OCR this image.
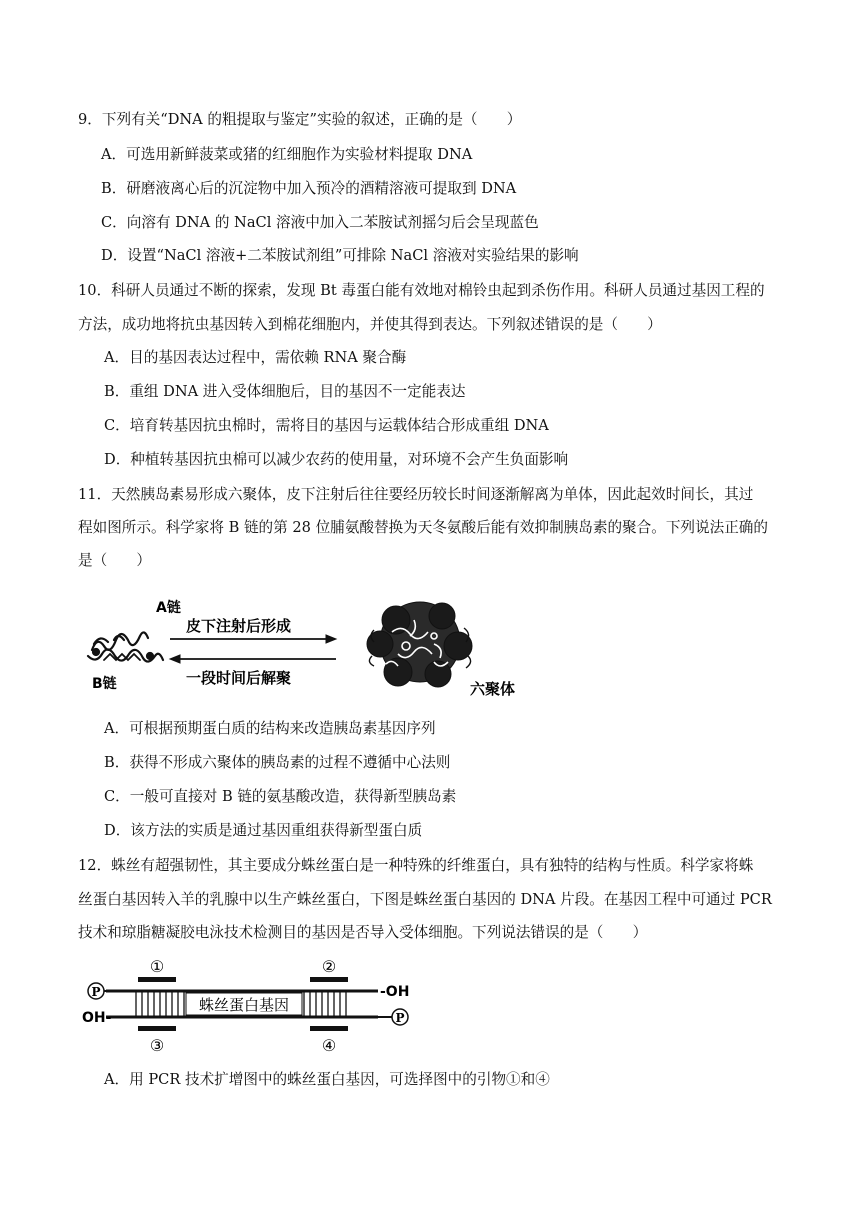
9．下列有关“DNA 的粗提取与鉴定”实验的叙述，正确的是（　　）
A．可选用新鲜菠菜或猪的红细胞作为实验材料提取 DNA
B．研磨液离心后的沉淀物中加入预冷的酒精溶液可提取到 DNA
C．向溶有 DNA 的 NaCl 溶液中加入二苯胺试剂摇匀后会呈现蓝色
D．设置“NaCl 溶液+二苯胺试剂组”可排除 NaCl 溶液对实验结果的影响
10．科研人员通过不断的探索，发现 Bt 毒蛋白能有效地对棉铃虫起到杀伤作用。科研人员通过基因工程的
方法，成功地将抗虫基因转入到棉花细胞内，并使其得到表达。下列叙述错误的是（　　）
A．目的基因表达过程中，需依赖 RNA 聚合酶
B．重组 DNA 进入受体细胞后，目的基因不一定能表达
C．培育转基因抗虫棉时，需将目的基因与运载体结合形成重组 DNA
D．种植转基因抗虫棉可以减少农药的使用量，对环境不会产生负面影响
11．天然胰岛素易形成六聚体，皮下注射后往往要经历较长时间逐渐解离为单体，因此起效时间长，其过
程如图所示。科学家将 B 链的第 28 位脯氨酸替换为天冬氨酸后能有效抑制胰岛素的聚合。下列说法正确的
是（　　）
A链
B链
皮下注射后形成
一段时间后解聚
六聚体
A．可根据预期蛋白质的结构来改造胰岛素基因序列
B．获得不形成六聚体的胰岛素的过程不遵循中心法则
C．一般可直接对 B 链的氨基酸改造，获得新型胰岛素
D．该方法的实质是通过基因重组获得新型蛋白质
12．蛛丝有超强韧性，其主要成分蛛丝蛋白是一种特殊的纤维蛋白，具有独特的结构与性质。科学家将蛛
丝蛋白基因转入羊的乳腺中以生产蛛丝蛋白，下图是蛛丝蛋白基因的 DNA 片段。在基因工程中可通过 PCR
技术和琼脂糖凝胶电泳技术检测目的基因是否导入受体细胞。下列说法错误的是（　　）
蛛丝蛋白基因
①	②
③	④
P
P
-OH
OH-
A．用 PCR 技术扩增图中的蛛丝蛋白基因，可选择图中的引物①和④
